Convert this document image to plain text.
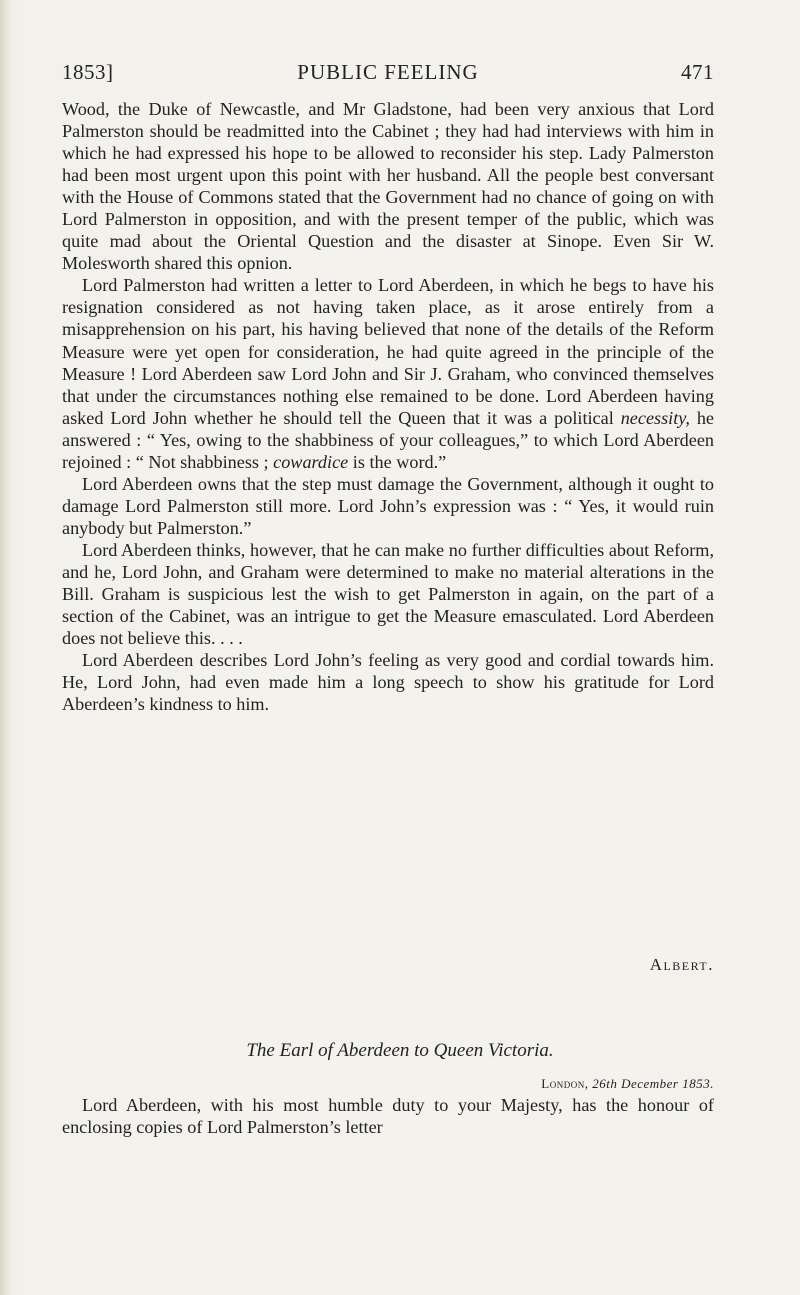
1853]	PUBLIC FEELING	471

Wood, the Duke of Newcastle, and Mr Gladstone, had been very anxious that Lord Palmerston should be readmitted into the Cabinet ; they had had interviews with him in which he had expressed his hope to be allowed to reconsider his step. Lady Palmerston had been most urgent upon this point with her husband. All the people best conversant with the House of Commons stated that the Government had no chance of going on with Lord Palmerston in opposition, and with the present temper of the public, which was quite mad about the Oriental Question and the disaster at Sinope. Even Sir W. Molesworth shared this opnion.

Lord Palmerston had written a letter to Lord Aberdeen, in which he begs to have his resignation considered as not having taken place, as it arose entirely from a misapprehension on his part, his having believed that none of the details of the Reform Measure were yet open for consideration, he had quite agreed in the principle of the Measure ! Lord Aberdeen saw Lord John and Sir J. Graham, who convinced themselves that under the circumstances nothing else remained to be done. Lord Aberdeen having asked Lord John whether he should tell the Queen that it was a political necessity, he answered : “ Yes, owing to the shabbiness of your colleagues,” to which Lord Aberdeen rejoined : “ Not shabbiness ; cowardice is the word.”

Lord Aberdeen owns that the step must damage the Government, although it ought to damage Lord Palmerston still more. Lord John’s expression was : “ Yes, it would ruin anybody but Palmerston.”

Lord Aberdeen thinks, however, that he can make no further difficulties about Reform, and he, Lord John, and Graham were determined to make no material alterations in the Bill. Graham is suspicious lest the wish to get Palmerston in again, on the part of a section of the Cabinet, was an intrigue to get the Measure emasculated. Lord Aberdeen does not believe this. . . .

Lord Aberdeen describes Lord John’s feeling as very good and cordial towards him. He, Lord John, had even made him a long speech to show his gratitude for Lord Aberdeen’s kindness to him.

Albert.
The Earl of Aberdeen to Queen Victoria.
London, 26th December 1853.

Lord Aberdeen, with his most humble duty to your Majesty, has the honour of enclosing copies of Lord Palmerston’s letter
